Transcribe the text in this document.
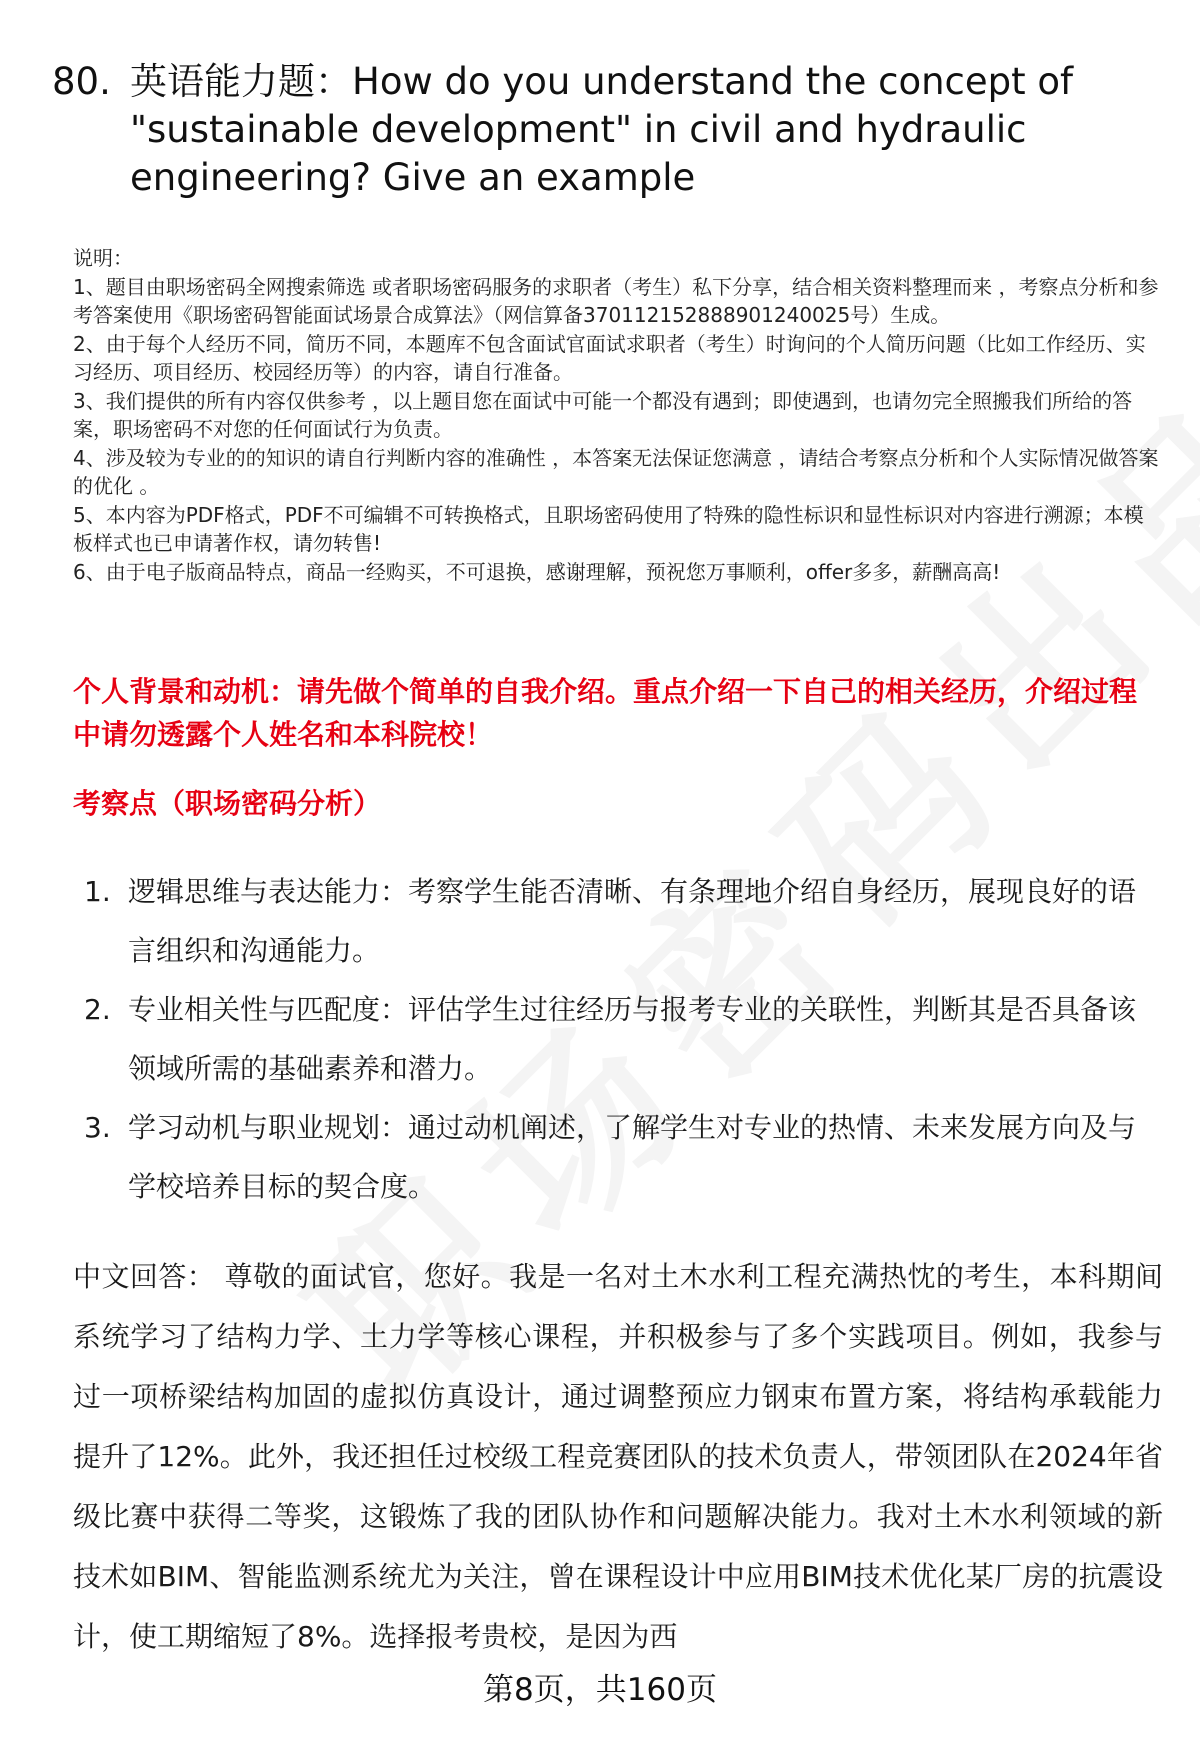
80. 英语能力题：How do you understand the concept of "sustainable development" in civil and hydraulic engineering? Give an example

说明：

1、题目由职场密码全网搜索筛选 或者职场密码服务的求职者（考生）私下分享，结合相关资料整理而来 ，考察点分析和参考答案使用《职场密码智能面试场景合成算法》（网信算备370112152888901240025号）生成。

2、由于每个人经历不同，简历不同，本题库不包含面试官面试求职者（考生）时询问的个人简历问题（比如工作经历、实习经历、项目经历、校园经历等）的内容，请自行准备。

3、我们提供的所有内容仅供参考 ，以上题目您在面试中可能一个都没有遇到；即使遇到，也请勿完全照搬我们所给的答案，职场密码不对您的任何面试行为负责。

4、涉及较为专业的的知识的请自行判断内容的准确性 ，本答案无法保证您满意 ，请结合考察点分析和个人实际情况做答案的优化 。

5、本内容为PDF格式，PDF不可编辑不可转换格式，且职场密码使用了特殊的隐性标识和显性标识对内容进行溯源；本模板样式也已申请著作权，请勿转售!

6、由于电子版商品特点，商品一经购买，不可退换，感谢理解，预祝您万事顺利，offer多多，薪酬高高!

个人背景和动机：请先做个简单的自我介绍。重点介绍一下自己的相关经历，介绍过程中请勿透露个人姓名和本科院校！
考察点（职场密码分析）
1. 逻辑思维与表达能力：考察学生能否清晰、有条理地介绍自身经历，展现良好的语言组织和沟通能力。
2. 专业相关性与匹配度：评估学生过往经历与报考专业的关联性，判断其是否具备该领域所需的基础素养和潜力。
3. 学习动机与职业规划：通过动机阐述，了解学生对专业的热情、未来发展方向及与学校培养目标的契合度。
中文回答： 尊敬的面试官，您好。我是一名对土木水利工程充满热忱的考生，本科期间系统学习了结构力学、土力学等核心课程，并积极参与了多个实践项目。例如，我参与过一项桥梁结构加固的虚拟仿真设计，通过调整预应力钢束布置方案，将结构承载能力提升了12%。此外，我还担任过校级工程竞赛团队的技术负责人，带领团队在2024年省级比赛中获得二等奖，这锻炼了我的团队协作和问题解决能力。我对土木水利领域的新技术如BIM、智能监测系统尤为关注，曾在课程设计中应用BIM技术优化某厂房的抗震设计，使工期缩短了8%。选择报考贵校，是因为西
第8页，共160页
